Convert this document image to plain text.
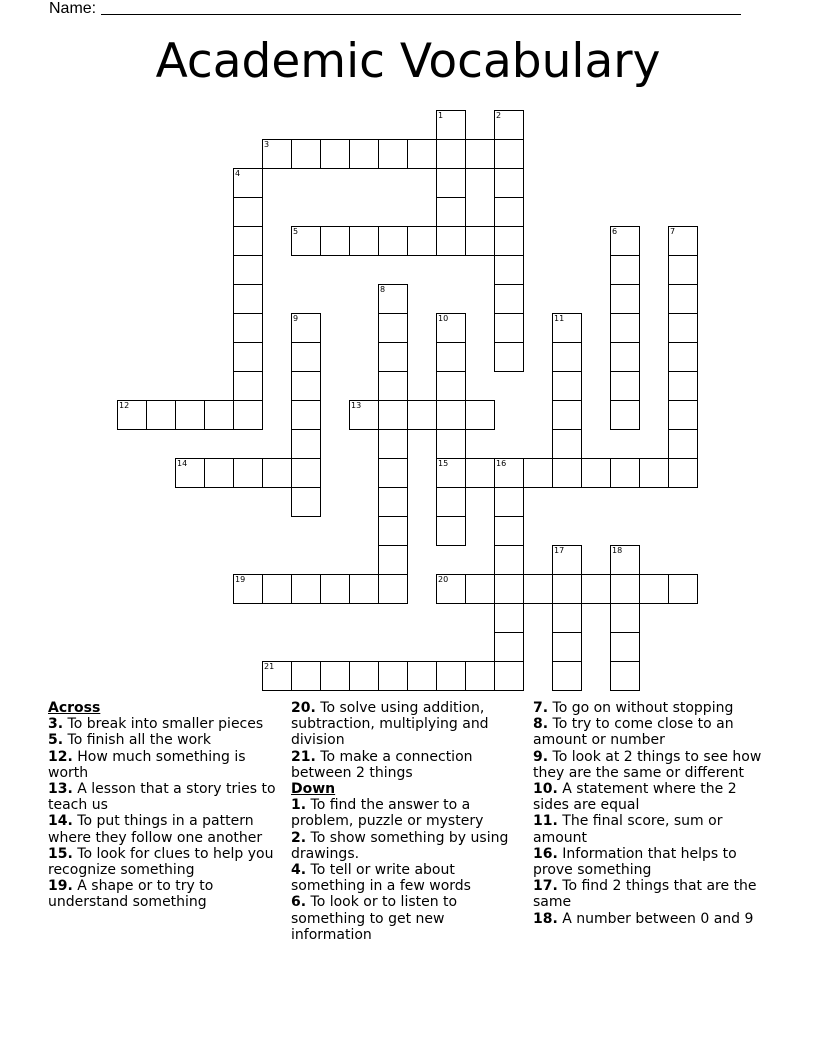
Name:
Academic Vocabulary
3
5
12	13
14	15	16
19	20
21
1	2
4
6	7
8
9	10	11
17	18
Across
3. To break into smaller pieces
5. To finish all the work
12. How much something is worth
13. A lesson that a story tries to teach us
14. To put things in a pattern where they follow one another
15. To look for clues to help you recognize something
19. A shape or to try to understand something
20. To solve using addition, subtraction, multiplying and division
21. To make a connection between 2 things
Down
1. To find the answer to a problem, puzzle or mystery
2. To show something by using drawings.
4. To tell or write about something in a few words
6. To look or to listen to something to get new information
7. To go on without stopping
8. To try to come close to an amount or number
9. To look at 2 things to see how they are the same or different
10. A statement where the 2 sides are equal
11. The final score, sum or amount
16. Information that helps to prove something
17. To find 2 things that are the same
18. A number between 0 and 9
